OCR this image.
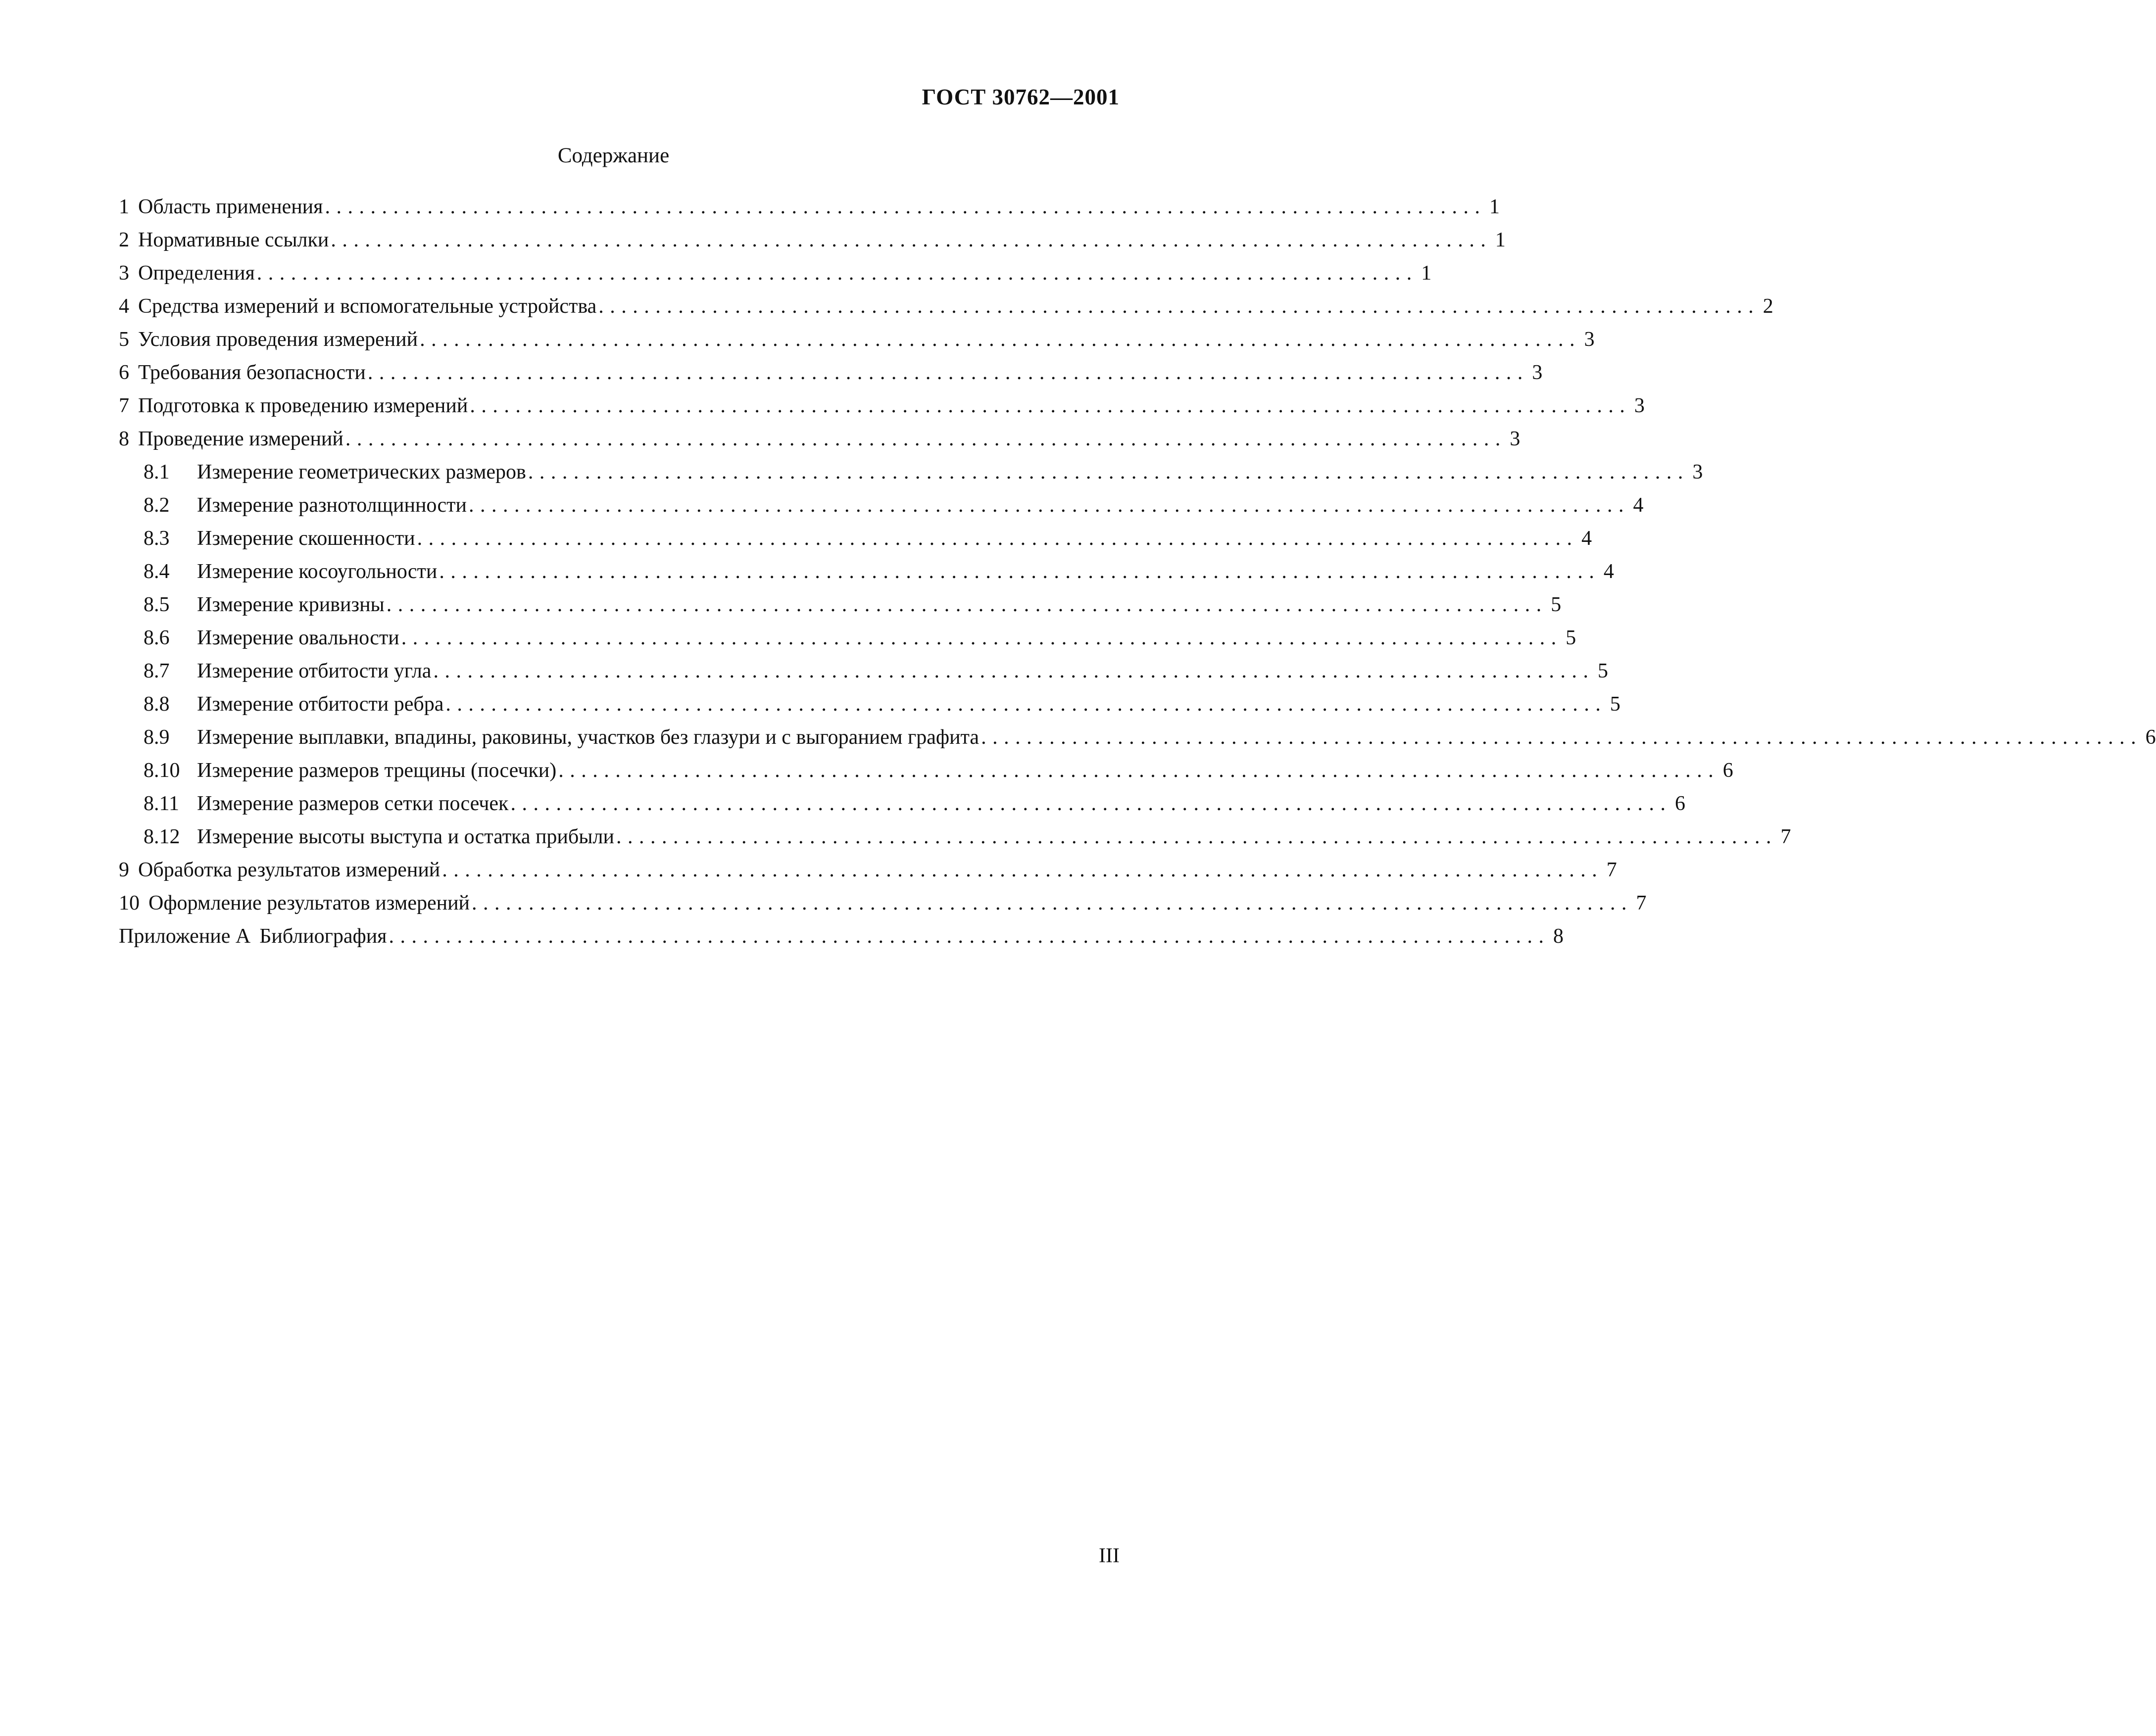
ГОСТ 30762—2001
Содержание
1 Область применения . . .	1
2 Нормативные ссылки . . .	1
3 Определения . . .	1
4 Средства измерений и вспомогательные устройства . . .	2
5 Условия проведения измерений . . .	3
6 Требования безопасности . . .	3
7 Подготовка к проведению измерений . . .	3
8 Проведение измерений . . .	3
8.1	Измерение геометрических размеров . . .	3
8.2	Измерение разнотолщинности . . .	4
8.3	Измерение скошенности . . .	4
8.4	Измерение косоугольности . . .	4
8.5	Измерение кривизны . . .	5
8.6	Измерение овальности . . .	5
8.7	Измерение отбитости угла . . .	5
8.8	Измерение отбитости ребра . . .	5
8.9	Измерение выплавки, впадины, раковины, участков без глазури и с выгоранием графита . . .	6
8.10 Измерение размеров трещины (посечки) . . .	6
8.11 Измерение размеров сетки посечек . . .	6
8.12 Измерение высоты выступа и остатка прибыли . . .	7
9 Обработка результатов измерений . . .	7
10 Оформление результатов измерений . . .	7
Приложение А Библиография . . .	8
III
